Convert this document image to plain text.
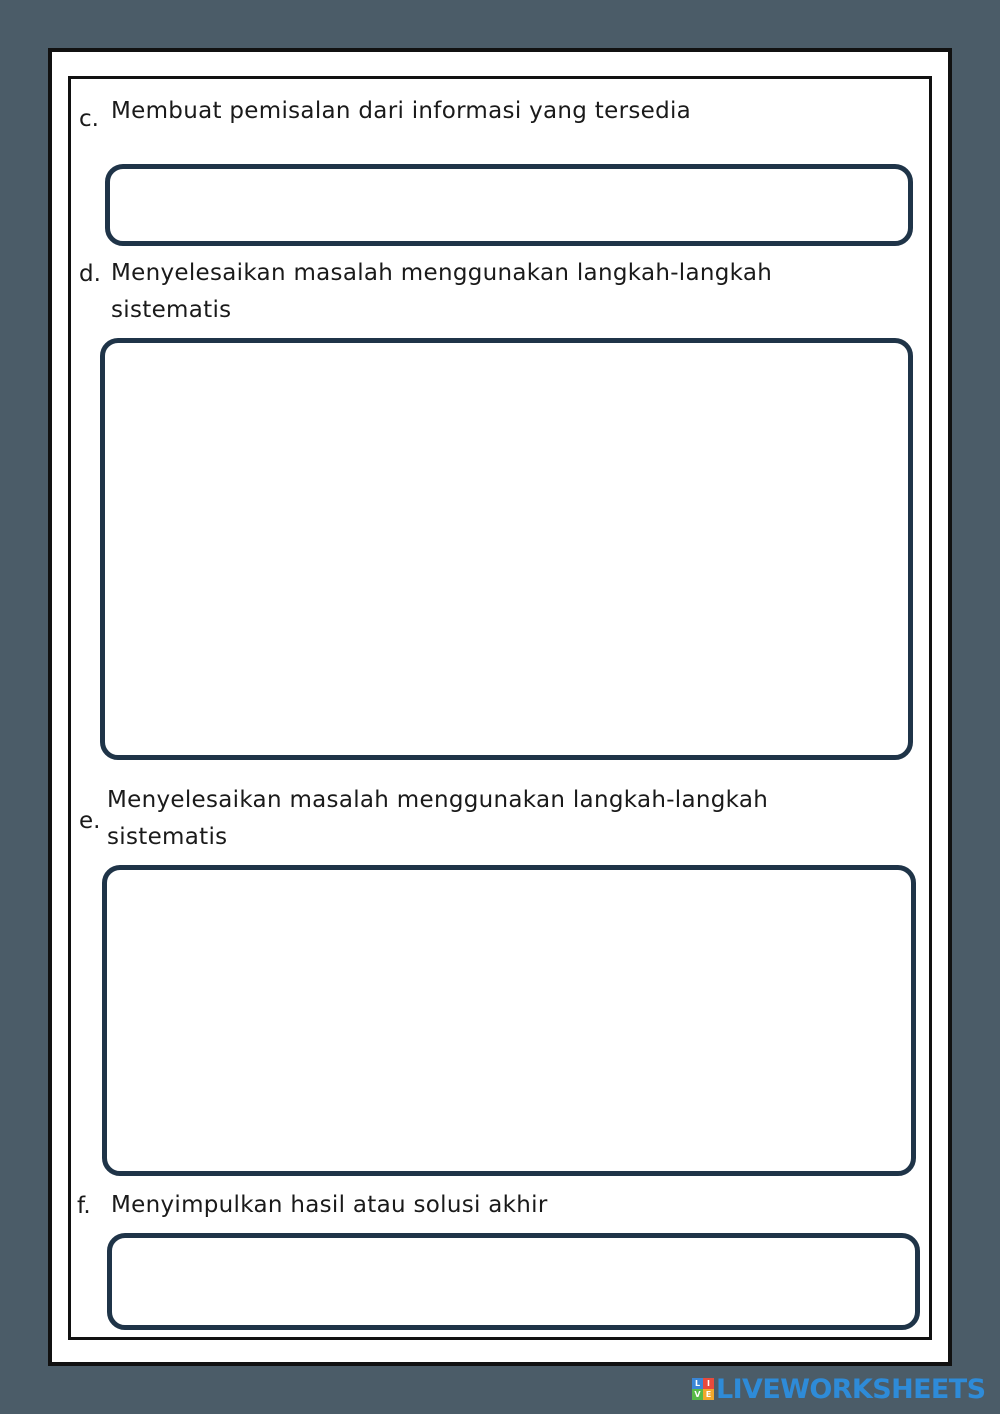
c. Membuat pemisalan dari informasi yang tersedia
d. Menyelesaikan masalah menggunakan langkah-langkah
sistematis
e.
Menyelesaikan masalah menggunakan langkah-langkah
sistematis
f. Menyimpulkan hasil atau solusi akhir
L I
V E LIVEWORKSHEETS
